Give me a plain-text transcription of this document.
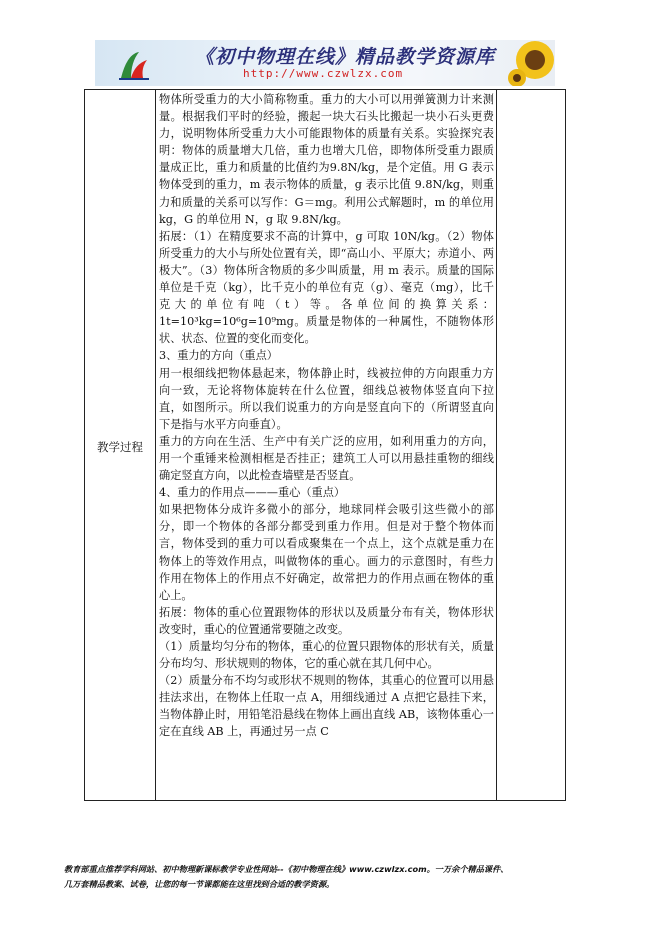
《初中物理在线》精品教学资源库
http://www.czwlzx.com
教学过程	

物体所受重力的大小简称物重。重力的大小可以用弹簧测力计来测量。根据我们平时的经验，搬起一块大石头比搬起一块小石头更费力，说明物体所受重力大小可能跟物体的质量有关系。实验探究表明：物体的质量增大几倍，重力也增大几倍，即物体所受重力跟质量成正比，重力和质量的比值约为9.8N/kg，是个定值。用 G 表示物体受到的重力，m 表示物体的质量，g 表示比值 9.8N/kg，则重力和质量的关系可以写作：G＝mg。利用公式解题时，m 的单位用 kg，G 的单位用 N，g 取 9.8N/kg。

拓展：（1）在精度要求不高的计算中，g 可取 10N/kg。（2）物体所受重力的大小与所处位置有关，即“高山小、平原大；赤道小、两极大”。（3）物体所含物质的多少叫质量，用 m 表示。质量的国际单位是千克（kg），比千克小的单位有克（g）、毫克（mg），比千克大的单位有吨（t）等。各单位间的换算关系：1t=10³kg=10⁶g=10⁹mg。质量是物体的一种属性，不随物体形状、状态、位置的变化而变化。

3、重力的方向（重点）

用一根细线把物体悬起来，物体静止时，线被拉伸的方向跟重力方向一致，无论将物体旋转在什么位置，细线总被物体竖直向下拉直，如图所示。所以我们说重力的方向是竖直向下的（所谓竖直向下是指与水平方向垂直）。

重力的方向在生活、生产中有关广泛的应用，如利用重力的方向，用一个重锤来检测相框是否挂正；建筑工人可以用悬挂重物的细线确定竖直方向，以此检查墙壁是否竖直。

4、重力的作用点———重心（重点）

如果把物体分成许多微小的部分，地球同样会吸引这些微小的部分，即一个物体的各部分都受到重力作用。但是对于整个物体而言，物体受到的重力可以看成聚集在一个点上，这个点就是重力在物体上的等效作用点，叫做物体的重心。画力的示意图时，有些力作用在物体上的作用点不好确定，故常把力的作用点画在物体的重心上。

拓展：物体的重心位置跟物体的形状以及质量分布有关，物体形状改变时，重心的位置通常要随之改变。

（1）质量均匀分布的物体，重心的位置只跟物体的形状有关，质量分布均匀、形状规则的物体，它的重心就在其几何中心。

（2）质量分布不均匀或形状不规则的物体，其重心的位置可以用悬挂法求出，在物体上任取一点 A，用细线通过 A 点把它悬挂下来，当物体静止时，用铅笔沿悬线在物体上画出直线 AB，该物体重心一定在直线 AB 上，再通过另一点 C

教育部重点推荐学科网站、初中物理新课标教学专业性网站--《初中物理在线》www.czwlzx.com。一万余个精品课件、

几万套精品教案、试卷，让您的每一节课都能在这里找到合适的教学资源。
